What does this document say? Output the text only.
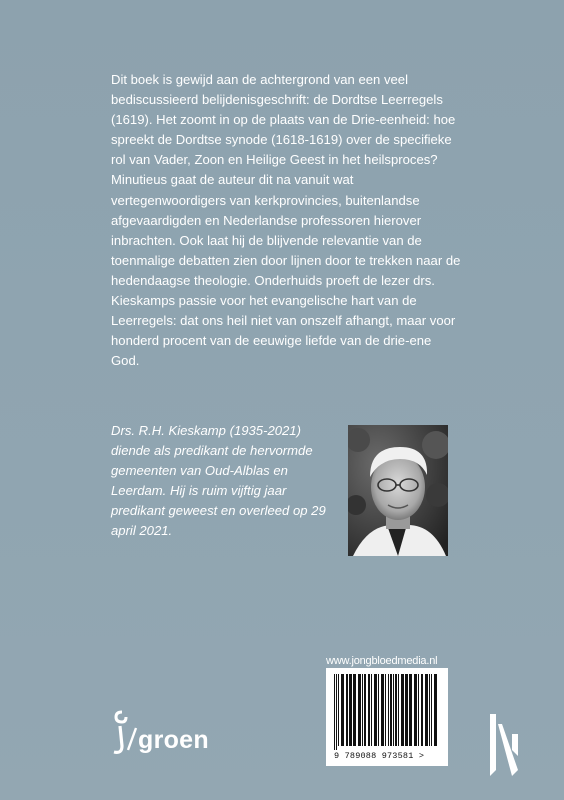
Dit boek is gewijd aan de achtergrond van een veel bediscussieerd belijdenisgeschrift: de Dordtse Leerregels (1619). Het zoomt in op de plaats van de Drie-eenheid: hoe spreekt de Dordtse synode (1618-1619) over de specifieke rol van Vader, Zoon en Heilige Geest in het heilsproces? Minutieus gaat de auteur dit na vanuit wat vertegenwoordigers van kerkprovincies, buitenlandse afgevaardigden en Nederlandse professoren hierover inbrachten. Ook laat hij de blijvende relevantie van de toenmalige debatten zien door lijnen door te trekken naar de hedendaagse theologie. Onderhuids proeft de lezer drs. Kieskamps passie voor het evangelische hart van de Leerregels: dat ons heil niet van onszelf afhangt, maar voor honderd procent van de eeuwige liefde van de drie-ene God.

Drs. R.H. Kieskamp (1935-2021) diende als predikant de hervormde gemeenten van Oud-Alblas en Leerdam. Hij is ruim vijftig jaar predikant geweest en overleed op 29 april 2021.

www.jongbloedmedia.nl
9 789088 973581 >
groen
